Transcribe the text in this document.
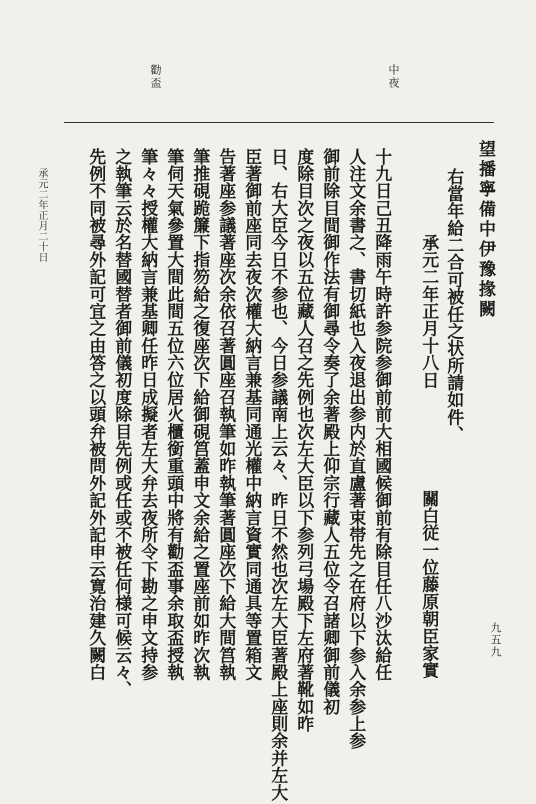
中夜
勸盃
望播寧備中伊豫掾闕
右當年給二合可被任之状所請如件、
承元二年正月十八日
關白従一位藤原朝臣家實
十九日己丑降雨午時許参院参御前前大相國候御前有除目任八沙汰給任
人注文余書之、書切紙也入夜退出参内於直盧著束帯先之在府以下参入余参上参
御前除目間御作法有御尋令奏了余著殿上仰宗行藏人五位令召諸卿御前儀初
度除目次之夜以五位藏人召之先例也次左大臣以下参列弓場殿下左府著靴如昨
日、右大臣今日不参也、今日参議南上云々、昨日不然也次左大臣著殿上座則余并左大
臣著御前座同去夜次權大納言兼基同通光權中納言資實同通具等置箱文
告著座参議著座次余依召著圓座召執筆如昨執筆著圓座次下給大間筥執
筆推硯跪簾下指笏給之復座次下給御硯筥蓋申文余給之置座前如昨次執
筆伺天氣參置大間此間五位六位居火櫃銜重頭中將有勸盃事余取盃授執
筆々々授權大納言兼基卿任昨日成擬者左大弁去夜所令下勘之申文持参
之執筆云於名替國替者御前儀初度除目先例或任或不被任何様可候云々、
先例不同被尋外記可宜之由答之以頭弁被問外記外記申云寛治建久闕白
承元二年正月二十日
九五九
